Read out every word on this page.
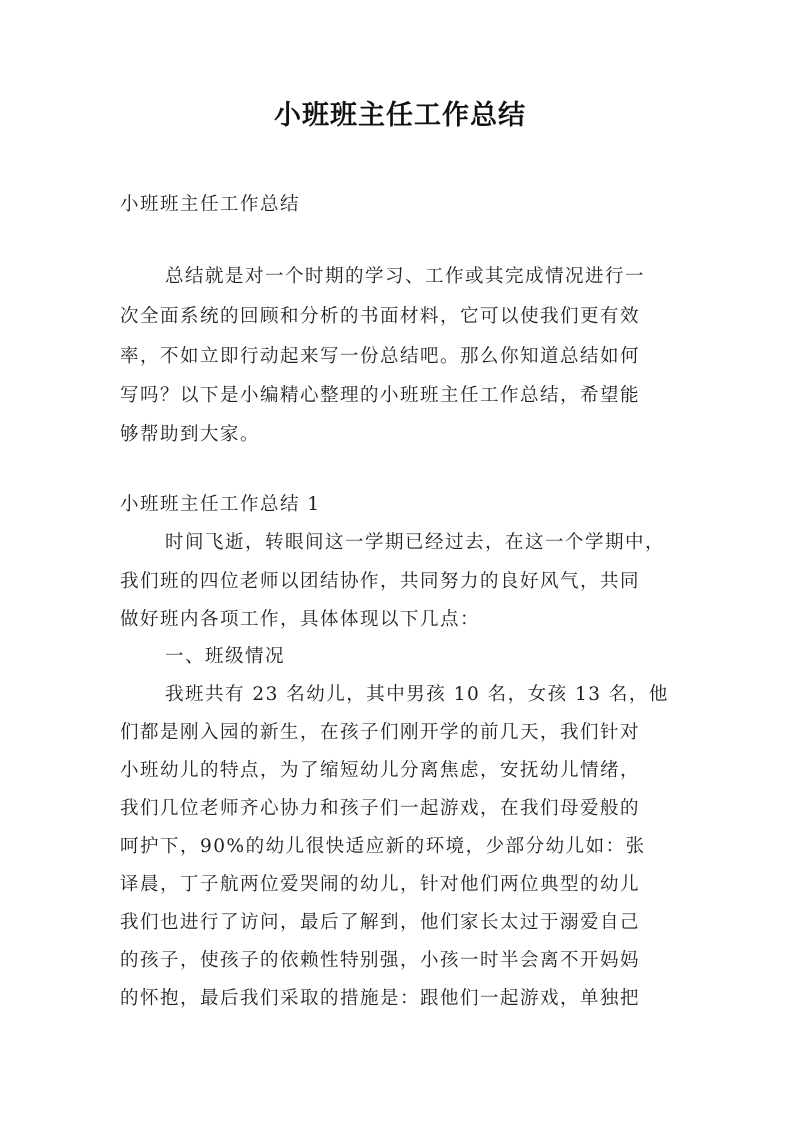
小班班主任工作总结
小班班主任工作总结
总结就是对一个时期的学习、工作或其完成情况进行一
次全面系统的回顾和分析的书面材料，它可以使我们更有效
率，不如立即行动起来写一份总结吧。那么你知道总结如何
写吗？以下是小编精心整理的小班班主任工作总结，希望能
够帮助到大家。
小班班主任工作总结 1
时间飞逝，转眼间这一学期已经过去，在这一个学期中，
我们班的四位老师以团结协作，共同努力的良好风气，共同
做好班内各项工作，具体体现以下几点：
一、班级情况
我班共有 23 名幼儿，其中男孩 10 名，女孩 13 名，他
们都是刚入园的新生，在孩子们刚开学的前几天，我们针对
小班幼儿的特点，为了缩短幼儿分离焦虑，安抚幼儿情绪，
我们几位老师齐心协力和孩子们一起游戏，在我们母爱般的
呵护下，90%的幼儿很快适应新的环境，少部分幼儿如：张
译晨，丁子航两位爱哭闹的幼儿，针对他们两位典型的幼儿
我们也进行了访问，最后了解到，他们家长太过于溺爱自己
的孩子，使孩子的依赖性特别强，小孩一时半会离不开妈妈
的怀抱，最后我们采取的措施是：跟他们一起游戏，单独把
